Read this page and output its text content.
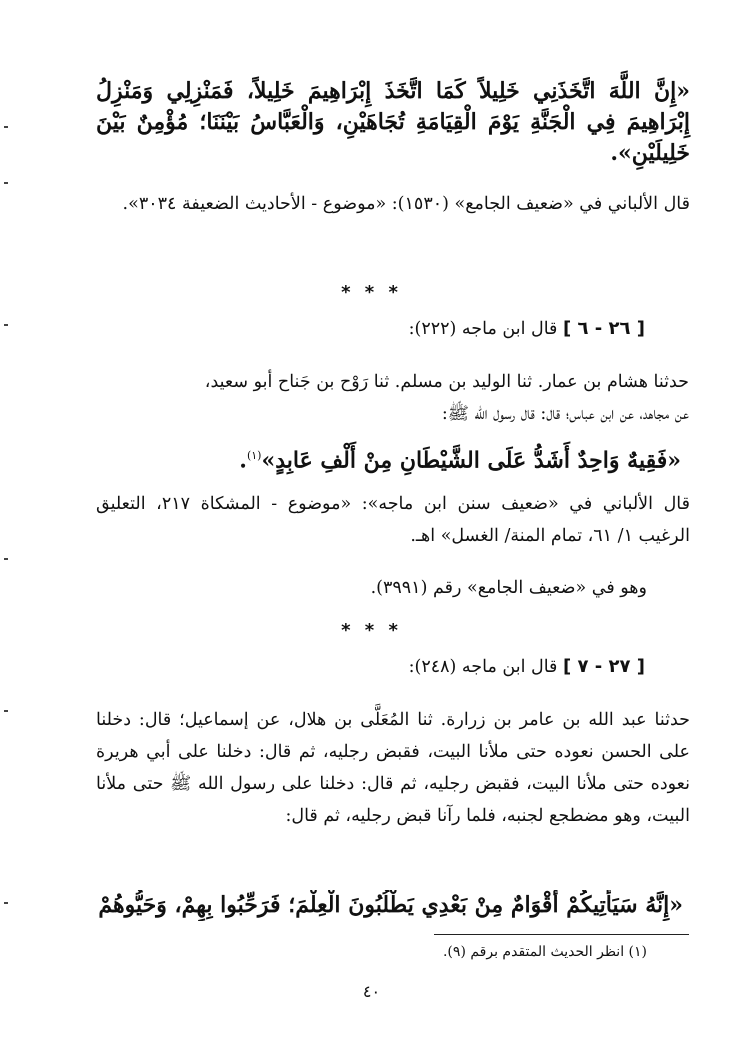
«إِنَّ اللَّهَ اتَّخَذَنِي خَلِيلاً كَمَا اتَّخَذَ إِبْرَاهِيمَ خَلِيلاً، فَمَنْزِلِي وَمَنْزِلُ إِبْرَاهِيمَ فِي الْجَنَّةِ يَوْمَ الْقِيَامَةِ تُجَاهَيْنِ، وَالْعَبَّاسُ بَيْنَنَا؛ مُؤْمِنٌ بَيْنَ خَلِيلَيْنِ».
قال الألباني في «ضعيف الجامع» (١٥٣٠): «موضوع - الأحاديث الضعيفة ٣٠٣٤».
* * *
[ ٢٦ - ٦ ] قال ابن ماجه (٢٢٢):
حدثنا هشام بن عمار. ثنا الوليد بن مسلم. ثنا رَوْح بن جَناح أبو سعيد،
عن مجاهد، عن ابن عباس؛ قال: قال رسول الله ﷺ:
«فَقِيهٌ وَاحِدٌ أَشَدُّ عَلَى الشَّيْطَانِ مِنْ أَلْفِ عَابِدٍ»$^{(١)}$.
قال الألباني في «ضعيف سنن ابن ماجه»: «موضوع - المشكاة ٢١٧، التعليق الرغيب ١/ ٦١، تمام المنة/ الغسل» اهـ.
وهو في «ضعيف الجامع» رقم (٣٩٩١).
* * *
[ ٢٧ - ٧ ] قال ابن ماجه (٢٤٨):
حدثنا عبد الله بن عامر بن زرارة. ثنا المُعَلَّى بن هلال، عن إسماعيل؛ قال: دخلنا على الحسن نعوده حتى ملأنا البيت، فقبض رجليه، ثم قال: دخلنا على أبي هريرة نعوده حتى ملأنا البيت، فقبض رجليه، ثم قال: دخلنا على رسول الله ﷺ حتى ملأنا البيت، وهو مضطجع لجنبه، فلما رآنا قبض رجليه، ثم قال:
«إِنَّهُ سَيَأْتِيكُمْ أَقْوَامٌ مِنْ بَعْدِي يَطْلُبُونَ الْعِلْمَ؛ فَرَحِّبُوا بِهِمْ، وَحَيُّوهُمْ
(١) انظر الحديث المتقدم برقم (٩).
٤٠
